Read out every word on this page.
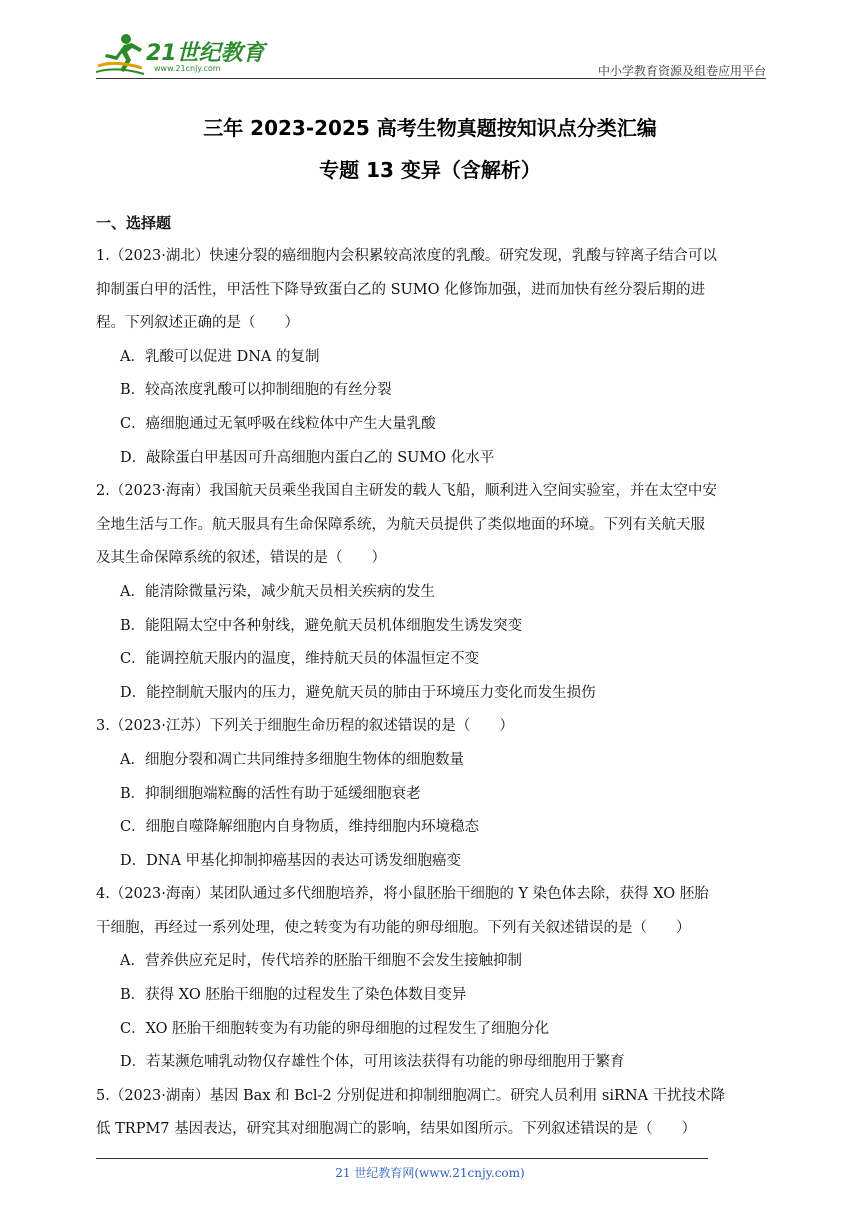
21世纪教育
www.21cnjy.com	中小学教育资源及组卷应用平台
三年 2023-2025 高考生物真题按知识点分类汇编
专题 13 变异（含解析）
一、选择题
1.（2023·湖北）快速分裂的癌细胞内会积累较高浓度的乳酸。研究发现，乳酸与锌离子结合可以
抑制蛋白甲的活性，甲活性下降导致蛋白乙的 SUMO 化修饰加强，进而加快有丝分裂后期的进
程。下列叙述正确的是（　　）
A．乳酸可以促进 DNA 的复制
B．较高浓度乳酸可以抑制细胞的有丝分裂
C．癌细胞通过无氧呼吸在线粒体中产生大量乳酸
D．敲除蛋白甲基因可升高细胞内蛋白乙的 SUMO 化水平
2.（2023·海南）我国航天员乘坐我国自主研发的载人飞船，顺利进入空间实验室，并在太空中安
全地生活与工作。航天服具有生命保障系统，为航天员提供了类似地面的环境。下列有关航天服
及其生命保障系统的叙述，错误的是（　　）
A．能清除微量污染，减少航天员相关疾病的发生
B．能阻隔太空中各种射线，避免航天员机体细胞发生诱发突变
C．能调控航天服内的温度，维持航天员的体温恒定不变
D．能控制航天服内的压力，避免航天员的肺由于环境压力变化而发生损伤
3.（2023·江苏）下列关于细胞生命历程的叙述错误的是（　　）
A．细胞分裂和凋亡共同维持多细胞生物体的细胞数量
B．抑制细胞端粒酶的活性有助于延缓细胞衰老
C．细胞自噬降解细胞内自身物质，维持细胞内环境稳态
D．DNA 甲基化抑制抑癌基因的表达可诱发细胞癌变
4.（2023·海南）某团队通过多代细胞培养，将小鼠胚胎干细胞的 Y 染色体去除，获得 XO 胚胎
干细胞，再经过一系列处理，使之转变为有功能的卵母细胞。下列有关叙述错误的是（　　）
A．营养供应充足时，传代培养的胚胎干细胞不会发生接触抑制
B．获得 XO 胚胎干细胞的过程发生了染色体数目变异
C．XO 胚胎干细胞转变为有功能的卵母细胞的过程发生了细胞分化
D．若某濒危哺乳动物仅存雄性个体，可用该法获得有功能的卵母细胞用于繁育
5.（2023·湖南）基因 Bax 和 Bcl-2 分别促进和抑制细胞凋亡。研究人员利用 siRNA 干扰技术降
低 TRPM7 基因表达，研究其对细胞凋亡的影响，结果如图所示。下列叙述错误的是（　　）
21 世纪教育网(www.21cnjy.com)
